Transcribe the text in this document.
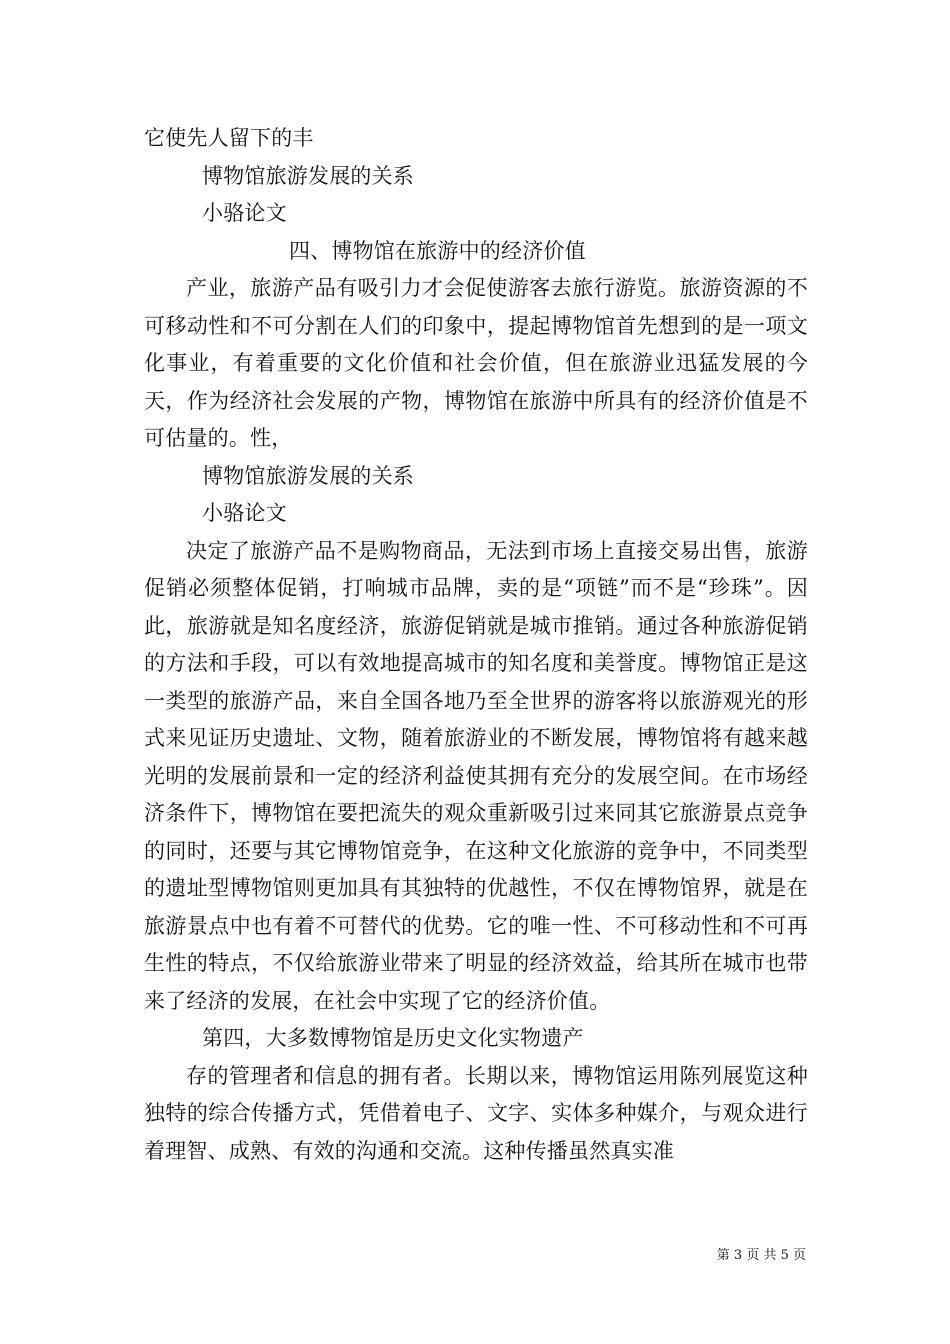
它使先人留下的丰
博物馆旅游发展的关系
小骆论文
四、博物馆在旅游中的经济价值

产业，旅游产品有吸引力才会促使游客去旅行游览。旅游资源的不可移动性和不可分割在人们的印象中，提起博物馆首先想到的是一项文化事业，有着重要的文化价值和社会价值，但在旅游业迅猛发展的今天，作为经济社会发展的产物，博物馆在旅游中所具有的经济价值是不可估量的。性，

博物馆旅游发展的关系
小骆论文

决定了旅游产品不是购物商品，无法到市场上直接交易出售，旅游促销必须整体促销，打响城市品牌，卖的是“项链”而不是“珍珠”。因此，旅游就是知名度经济，旅游促销就是城市推销。通过各种旅游促销的方法和手段，可以有效地提高城市的知名度和美誉度。博物馆正是这一类型的旅游产品，来自全国各地乃至全世界的游客将以旅游观光的形式来见证历史遗址、文物，随着旅游业的不断发展，博物馆将有越来越光明的发展前景和一定的经济利益使其拥有充分的发展空间。在市场经济条件下，博物馆在要把流失的观众重新吸引过来同其它旅游景点竞争的同时，还要与其它博物馆竞争，在这种文化旅游的竞争中，不同类型的遗址型博物馆则更加具有其独特的优越性，不仅在博物馆界，就是在旅游景点中也有着不可替代的优势。它的唯一性、不可移动性和不可再生性的特点，不仅给旅游业带来了明显的经济效益，给其所在城市也带来了经济的发展，在社会中实现了它的经济价值。

第四，大多数博物馆是历史文化实物遗产

存的管理者和信息的拥有者。长期以来，博物馆运用陈列展览这种独特的综合传播方式，凭借着电子、文字、实体多种媒介，与观众进行着理智、成熟、有效的沟通和交流。这种传播虽然真实准

第 3 页 共 5 页
